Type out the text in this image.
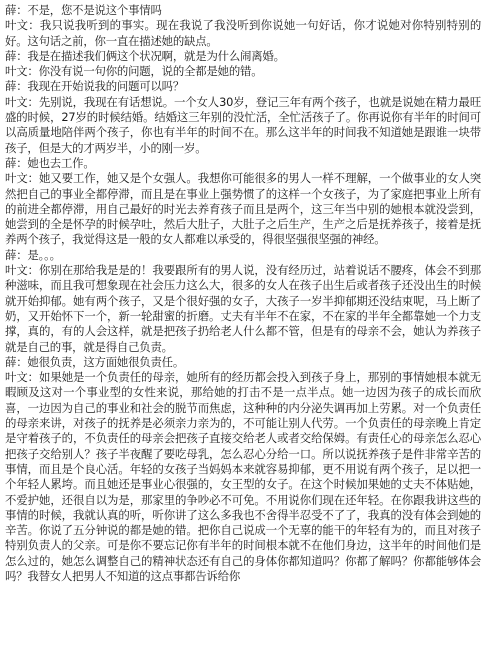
薛：不是，您不是说这个事情吗

叶文：我只说我听到的事实。现在我说了我没听到你说她一句好话，你才说她对你特别特别的好。这句话之前，你一直在描述她的缺点。

薛：我是在描述我们俩这个状况啊，就是为什么闹离婚。

叶文：你没有说一句你的问题，说的全都是她的错。

薛：我现在开始说我的问题可以吗？

叶文：先别说，我现在有话想说。一个女人30岁，登记三年有两个孩子，也就是说她在精力最旺盛的时候，27岁的时候结婚。结婚这三年别的没忙活，全忙活孩子了。你再说你有半年的时间可以高质量地陪伴两个孩子，你也有半年的时间不在。那么这半年的时间我不知道她是跟谁一块带孩子，但是大的才两岁半，小的刚一岁。

薛：她也去工作。

叶文：她又要工作，她又是个女强人。我想你可能很多的男人一样不理解，一个做事业的女人突然把自己的事业全都停滞，而且是在事业上强势惯了的这样一个女孩子，为了家庭把事业上所有的前进全都停滞，用自己最好的时光去养育孩子而且是两个，这三年当中别的她根本就没尝到，她尝到的全是怀孕的时候孕吐，然后大肚子，大肚子之后生产，生产之后是抚养孩子，接着是抚养两个孩子，我觉得这是一般的女人都难以承受的，得很坚强很坚强的神经。

薛：是。。。

叶文：你别在那给我是是的！我要跟所有的男人说，没有经历过，站着说话不腰疼，体会不到那种滋味，而且我可想象现在社会压力这么大，很多的女人在孩子出生后或者孩子还没出生的时候就开始抑郁。她有两个孩子，又是个很好强的女子，大孩子一岁半抑郁期还没结束呢，马上断了奶，又开始怀下一个，新一轮甜蜜的折磨。丈夫有半年不在家，不在家的半年全都靠她一个力支撑，真的，有的人会这样，就是把孩子扔给老人什么都不管，但是有的母亲不会，她认为养孩子就是自己的事，就是得自己负责。

薛：她很负责，这方面她很负责任。

叶文：如果她是一个负责任的母亲，她所有的经历都会投入到孩子身上，那别的事情她根本就无暇顾及这对一个事业型的女性来说，那给她的打击不是一点半点。她一边因为孩子的成长而欣喜，一边因为自己的事业和社会的脱节而焦虑，这种种的内分泌失调再加上劳累。对一个负责任的母亲来讲，对孩子的抚养是必须亲力亲为的，不可能让别人代劳。一个负责任的母亲晚上肯定是守着孩子的，不负责任的母亲会把孩子直接交给老人或者交给保姆。有责任心的母亲怎么忍心把孩子交给别人？孩子半夜醒了要吃母乳，怎么忍心分给一口。所以说抚养孩子是件非常辛苦的事情，而且是个良心活。年轻的女孩子当妈妈本来就容易抑郁，更不用说有两个孩子，足以把一个年轻人累垮。而且她还是事业心很强的，女王型的女子。在这个时候加果她的丈夫不体贴她，不爱护她，还很自以为是，那家里的争吵必不可免。不用说你们现在还年轻。在你跟我讲这些的事情的时候，我就认真的听，听你讲了这么多我也不舍得半忍受不了了，我真的没有体会到她的辛苦。你说了五分钟说的都是她的错。把你自己说成一个无辜的能干的年轻有为的，而且对孩子特别负责人的父亲。可是你不要忘记你有半年的时间根本就不在他们身边，这半年的时间他们是怎么过的，她怎么调整自己的精神状态还有自己的身体你都知道吗？你都了解吗？你都能够体会吗？我替女人把男人不知道的这点事都告诉给你
